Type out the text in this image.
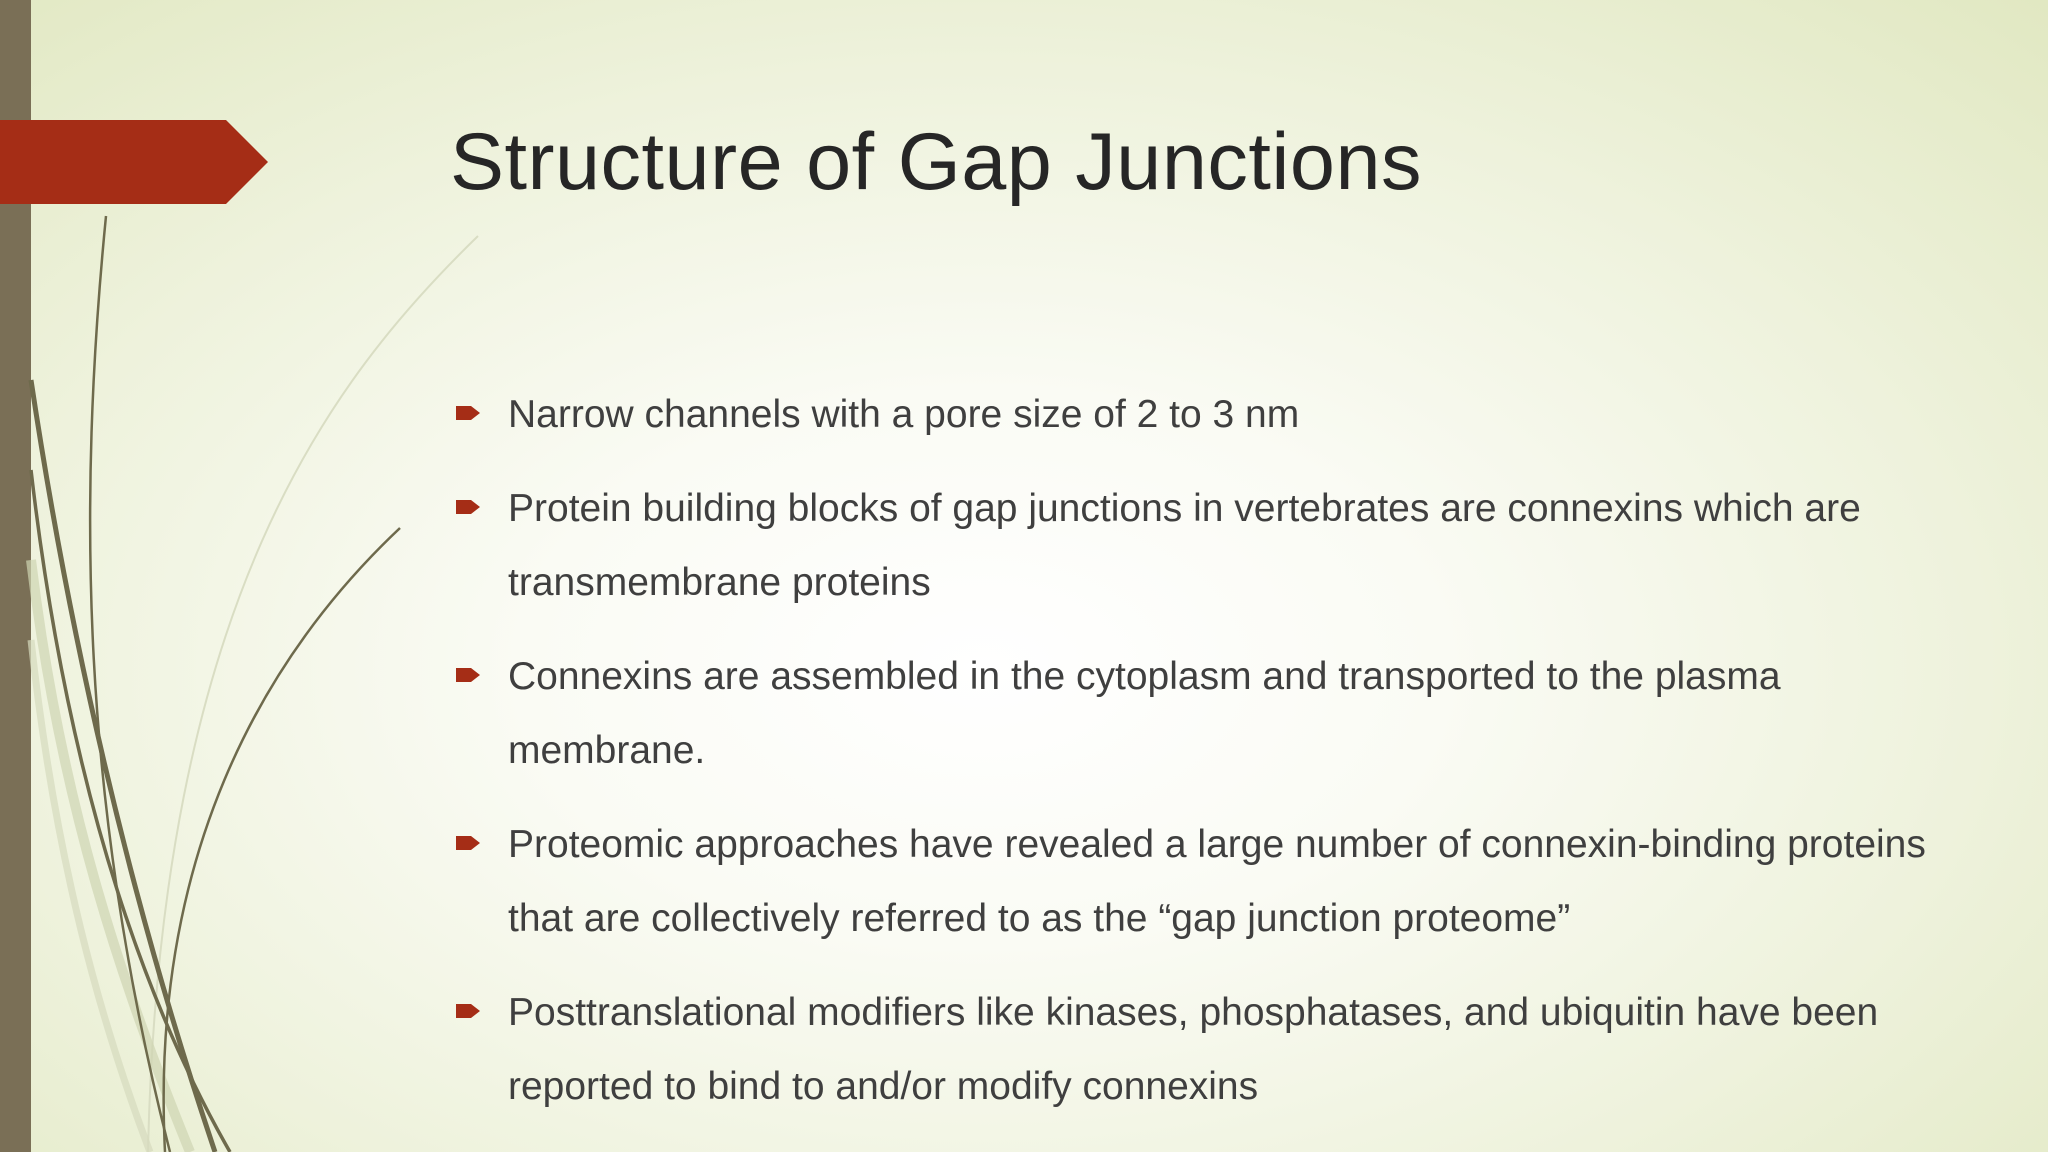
Structure of Gap Junctions
Narrow channels with a pore size of 2 to 3 nm
Protein building blocks of gap junctions in vertebrates are connexins which are transmembrane proteins
Connexins are assembled in the cytoplasm and transported to the plasma membrane.
Proteomic approaches have revealed a large number of connexin-binding proteins that are collectively referred to as the “gap junction proteome”
Posttranslational modifiers like kinases, phosphatases, and ubiquitin have been reported to bind to and/or modify connexins
